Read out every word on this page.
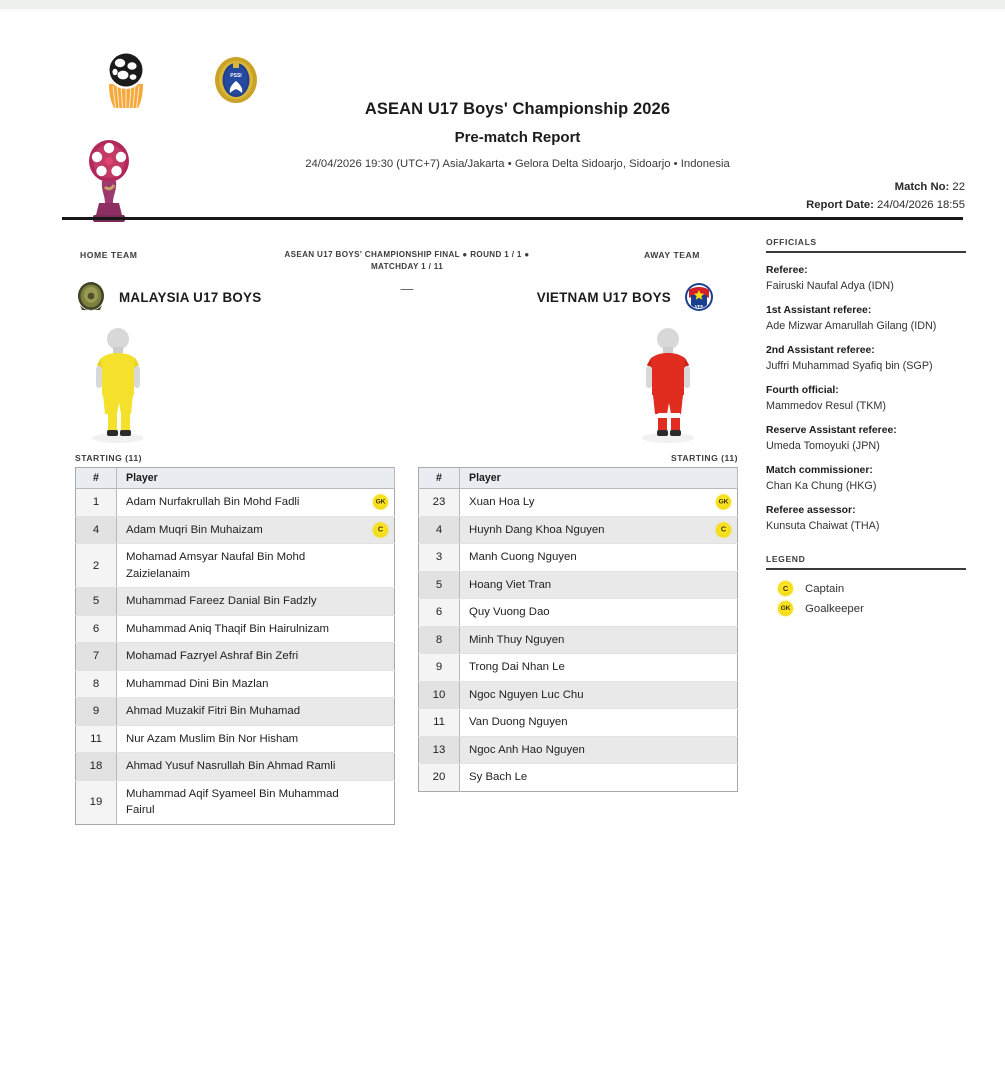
PSSI
ASEAN U17 Boys' Championship 2026
Pre-match Report
24/04/2026 19:30 (UTC+7) Asia/Jakarta • Gelora Delta Sidoarjo, Sidoarjo • Indonesia
Match No: 22
Report Date: 24/04/2026 18:55
HOME TEAM	AWAY TEAM
ASEAN U17 BOYS' CHAMPIONSHIP FINAL ● ROUND 1 / 1 ● MATCHDAY 1 / 11
—
MALAYSIA U17 BOYS	VIETNAM U17 BOYS
VFF
STARTING (11)
#	Player
1	Adam Nurfakrullah Bin Mohd Fadli GK

4	Adam Muqri Bin Muhaizam C

2	Mohamad Amsyar Naufal Bin Mohd Zaizielanaim
5	Muhammad Fareez Danial Bin Fadzly
6	Muhammad Aniq Thaqif Bin Hairulnizam
7	Mohamad Fazryel Ashraf Bin Zefri
8	Muhammad Dini Bin Mazlan
9	Ahmad Muzakif Fitri Bin Muhamad
11	Nur Azam Muslim Bin Nor Hisham
18	Ahmad Yusuf Nasrullah Bin Ahmad Ramli
19	Muhammad Aqif Syameel Bin Muhammad Fairul
STARTING (11)
#	Player
23	Xuan Hoa Ly GK

4	Huynh Dang Khoa Nguyen C

3	Manh Cuong Nguyen
5	Hoang Viet Tran
6	Quy Vuong Dao
8	Minh Thuy Nguyen
9	Trong Dai Nhan Le
10	Ngoc Nguyen Luc Chu
11	Van Duong Nguyen
13	Ngoc Anh Hao Nguyen
20	Sy Bach Le
OFFICIALS
Referee:
Fairuski Naufal Adya (IDN)
1st Assistant referee:
Ade Mizwar Amarullah Gilang (IDN)
2nd Assistant referee:
Juffri Muhammad Syafiq bin (SGP)
Fourth official:
Mammedov Resul (TKM)
Reserve Assistant referee:
Umeda Tomoyuki (JPN)
Match commissioner:
Chan Ka Chung (HKG)
Referee assessor:
Kunsuta Chaiwat (THA)
LEGEND
C	Captain
GK Goalkeeper
